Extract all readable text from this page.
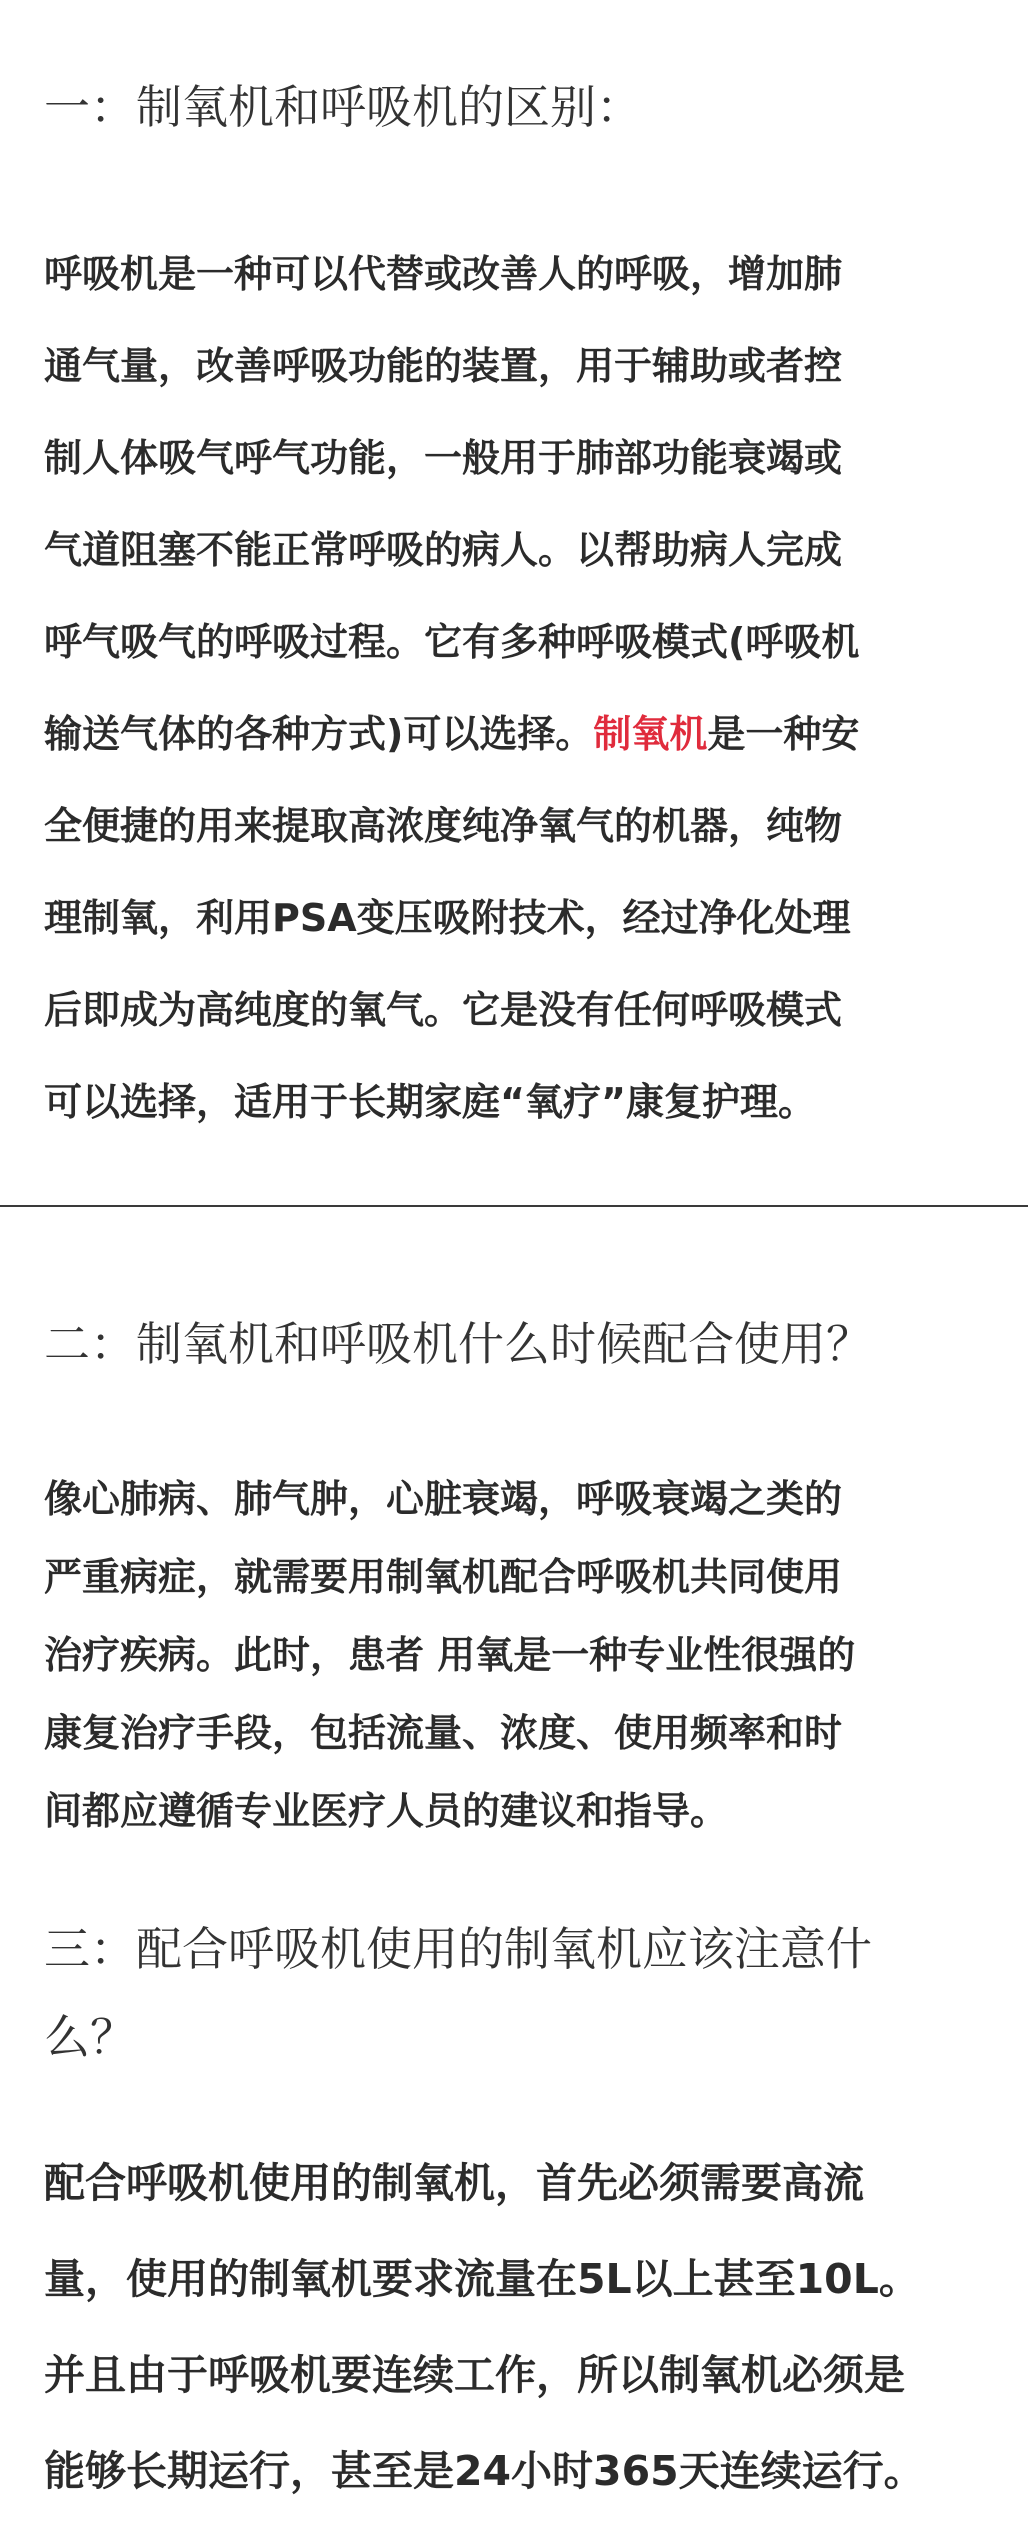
一：制氧机和呼吸机的区别：
呼吸机是一种可以代替或改善人的呼吸，增加肺
通气量，改善呼吸功能的装置，用于辅助或者控
制人体吸气呼气功能，一般用于肺部功能衰竭或
气道阻塞不能正常呼吸的病人。以帮助病人完成
呼气吸气的呼吸过程。它有多种呼吸模式(呼吸机
输送气体的各种方式)可以选择。制氧机是一种安
全便捷的用来提取高浓度纯净氧气的机器，纯物
理制氧，利用PSA变压吸附技术，经过净化处理
后即成为高纯度的氧气。它是没有任何呼吸模式
可以选择，适用于长期家庭“氧疗”康复护理。
二：制氧机和呼吸机什么时候配合使用？
像心肺病、肺气肿，心脏衰竭，呼吸衰竭之类的
严重病症，就需要用制氧机配合呼吸机共同使用
治疗疾病。此时，患者 用氧是一种专业性很强的
康复治疗手段，包括流量、浓度、使用频率和时
间都应遵循专业医疗人员的建议和指导。
三：配合呼吸机使用的制氧机应该注意什
么？
配合呼吸机使用的制氧机，首先必须需要高流
量，使用的制氧机要求流量在5L以上甚至10L。
并且由于呼吸机要连续工作，所以制氧机必须是
能够长期运行，甚至是24小时365天连续运行。
